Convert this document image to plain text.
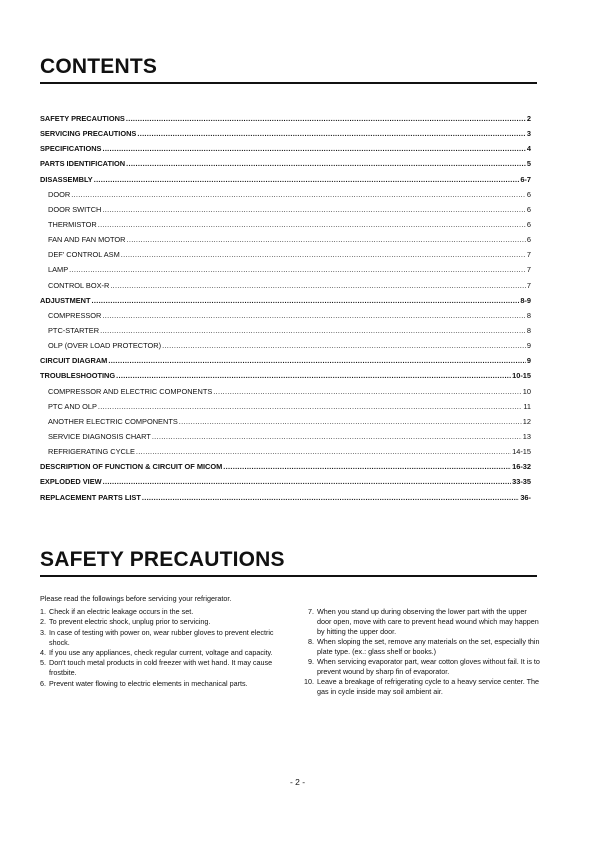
CONTENTS
SAFETY PRECAUTIONS .....	2
SERVICING PRECAUTIONS .....	3
SPECIFICATIONS .....	4
PARTS IDENTIFICATION .....	5
DISASSEMBLY .....	6-7
DOOR .....	6
DOOR SWITCH .....	6
THERMISTOR .....	6
FAN AND FAN MOTOR .....	6
DEF' CONTROL ASM .....	7
LAMP .....	7
CONTROL BOX-R .....	7
ADJUSTMENT .....	8-9
COMPRESSOR .....	8
PTC-STARTER .....	8
OLP (OVER LOAD PROTECTOR) .....	9
CIRCUIT DIAGRAM .....	9
TROUBLESHOOTING .....	10-15
COMPRESSOR AND ELECTRIC COMPONENTS .....	10
PTC AND OLP .....	11
ANOTHER ELECTRIC COMPONENTS .....	12
SERVICE DIAGNOSIS CHART .....	13
REFRIGERATING CYCLE .....	14-15
DESCRIPTION OF FUNCTION & CIRCUIT OF MICOM .....	16-32
EXPLODED VIEW .....	33-35
REPLACEMENT PARTS LIST .....	36-
SAFETY PRECAUTIONS

Please read the followings before servicing your refrigerator.

1. Check if an electric leakage occurs in the set.
2. To prevent electric shock, unplug prior to servicing.
3. In case of testing with power on, wear rubber gloves to prevent electric shock.
4. If you use any appliances, check regular current, voltage and capacity.
5. Don't touch metal products in cold freezer with wet hand. It may cause frostbite.
6. Prevent water flowing to electric elements in mechanical parts.
7. When you stand up during observing the lower part with the upper door open, move with care to prevent head wound which may happen by hitting the upper door.
8. When sloping the set, remove any materials on the set, especially thin plate type. (ex.: glass shelf or books.)
9. When servicing evaporator part, wear cotton gloves without fail. It is to prevent wound by sharp fin of evaporator.
10. Leave a breakage of refrigerating cycle to a heavy service center. The gas in cycle inside may soil ambient air.

- 2 -
